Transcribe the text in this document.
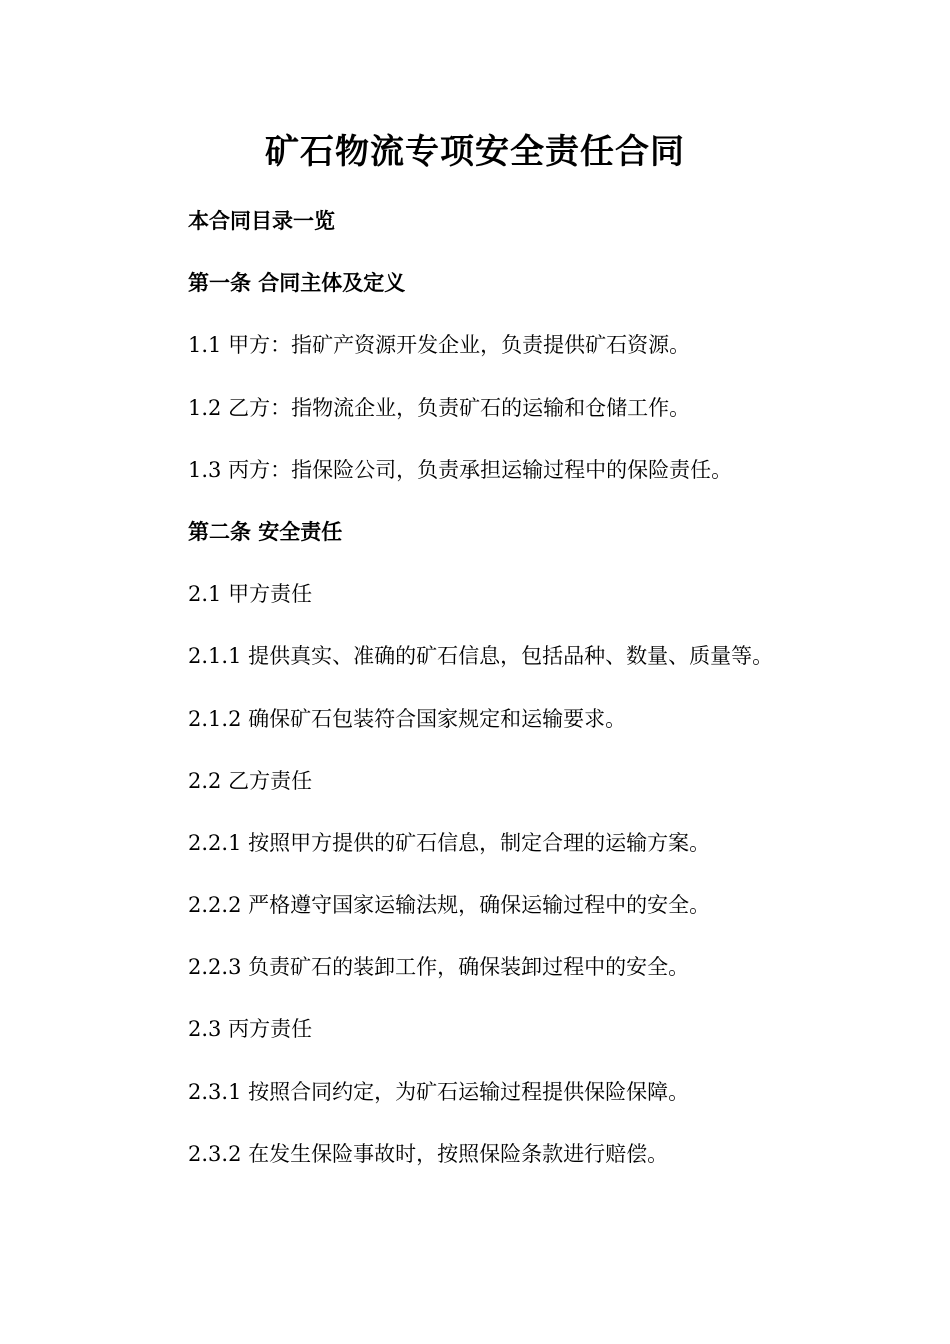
矿石物流专项安全责任合同
本合同目录一览
第一条 合同主体及定义
1.1 甲方：指矿产资源开发企业，负责提供矿石资源。
1.2 乙方：指物流企业，负责矿石的运输和仓储工作。
1.3 丙方：指保险公司，负责承担运输过程中的保险责任。
第二条 安全责任
2.1 甲方责任
2.1.1 提供真实、准确的矿石信息，包括品种、数量、质量等。
2.1.2 确保矿石包装符合国家规定和运输要求。
2.2 乙方责任
2.2.1 按照甲方提供的矿石信息，制定合理的运输方案。
2.2.2 严格遵守国家运输法规，确保运输过程中的安全。
2.2.3 负责矿石的装卸工作，确保装卸过程中的安全。
2.3 丙方责任
2.3.1 按照合同约定，为矿石运输过程提供保险保障。
2.3.2 在发生保险事故时，按照保险条款进行赔偿。
